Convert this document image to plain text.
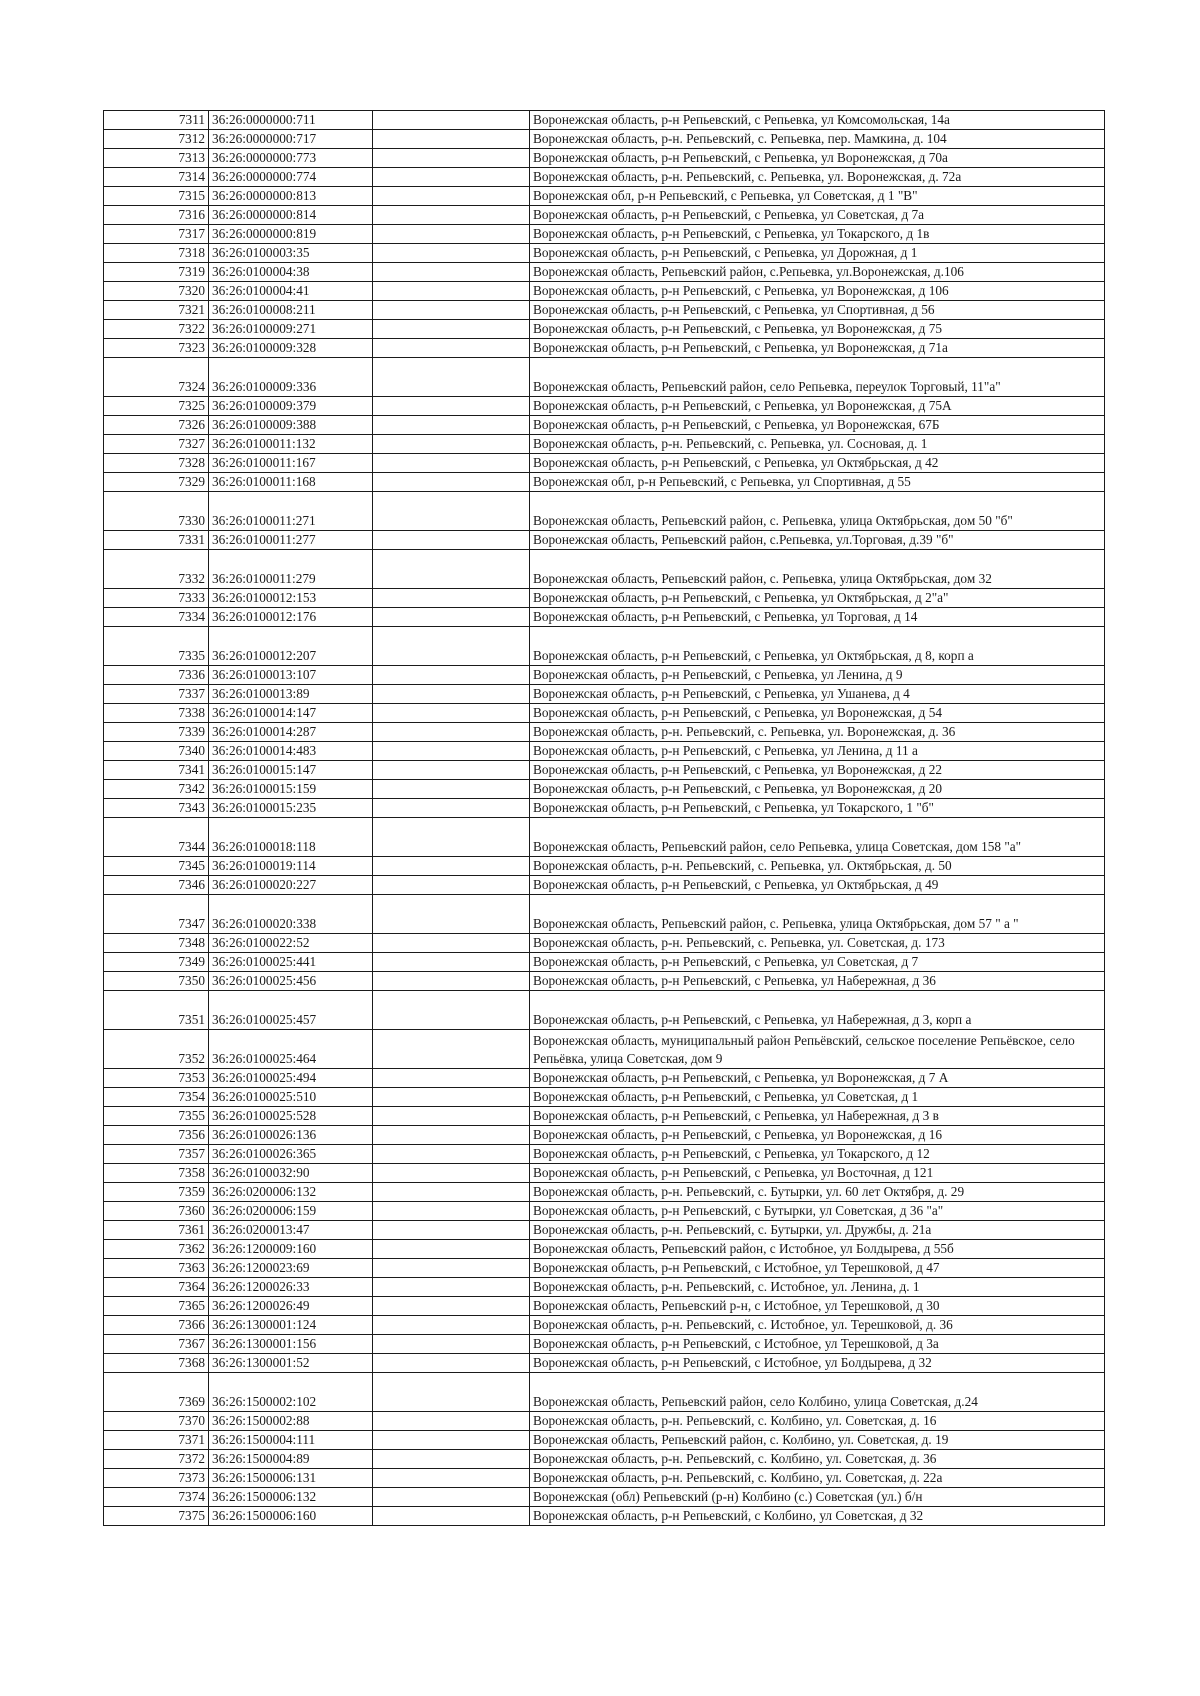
7311	36:26:0000000:711		Воронежская область, р-н Репьевский, с Репьевка, ул Комсомольская, 14а
7312	36:26:0000000:717		Воронежская область, р-н. Репьевский, с. Репьевка, пер. Мамкина, д. 104
7313	36:26:0000000:773		Воронежская область, р-н Репьевский, с Репьевка, ул Воронежская, д 70а
7314	36:26:0000000:774		Воронежская область, р-н. Репьевский, с. Репьевка, ул. Воронежская, д. 72а
7315	36:26:0000000:813		Воронежская обл, р-н Репьевский, с Репьевка, ул Советская, д 1 "В"
7316	36:26:0000000:814		Воронежская область, р-н Репьевский, с Репьевка, ул Советская, д 7а
7317	36:26:0000000:819		Воронежская область, р-н Репьевский, с Репьевка, ул Токарского, д 1в
7318	36:26:0100003:35		Воронежская область, р-н Репьевский, с Репьевка, ул Дорожная, д 1
7319	36:26:0100004:38		Воронежская область, Репьевский район, с.Репьевка, ул.Воронежская, д.106
7320	36:26:0100004:41		Воронежская область, р-н Репьевский, с Репьевка, ул Воронежская, д 106
7321	36:26:0100008:211		Воронежская область, р-н Репьевский, с Репьевка, ул Спортивная, д 56
7322	36:26:0100009:271		Воронежская область, р-н Репьевский, с Репьевка, ул Воронежская, д 75
7323	36:26:0100009:328		Воронежская область, р-н Репьевский, с Репьевка, ул Воронежская, д 71а
7324	36:26:0100009:336		Воронежская область, Репьевский район, село Репьевка, переулок Торговый, 11"а"
7325	36:26:0100009:379		Воронежская область, р-н Репьевский, с Репьевка, ул Воронежская, д 75А
7326	36:26:0100009:388		Воронежская область, р-н Репьевский, с Репьевка, ул Воронежская, 67Б
7327	36:26:0100011:132		Воронежская область, р-н. Репьевский, с. Репьевка, ул. Сосновая, д. 1
7328	36:26:0100011:167		Воронежская область, р-н Репьевский, с Репьевка, ул Октябрьская, д 42
7329	36:26:0100011:168		Воронежская обл, р-н Репьевский, с Репьевка, ул Спортивная, д 55
7330	36:26:0100011:271		Воронежская область, Репьевский район, с. Репьевка, улица Октябрьская, дом 50 "б"
7331	36:26:0100011:277		Воронежская область, Репьевский район, с.Репьевка, ул.Торговая, д.39 "б"
7332	36:26:0100011:279		Воронежская область, Репьевский район, с. Репьевка, улица Октябрьская, дом 32
7333	36:26:0100012:153		Воронежская область, р-н Репьевский, с Репьевка, ул Октябрьская, д 2"а"
7334	36:26:0100012:176		Воронежская область, р-н Репьевский, с Репьевка, ул Торговая, д 14
7335	36:26:0100012:207		Воронежская область, р-н Репьевский, с Репьевка, ул Октябрьская, д 8, корп а
7336	36:26:0100013:107		Воронежская область, р-н Репьевский, с Репьевка, ул Ленина, д 9
7337	36:26:0100013:89		Воронежская область, р-н Репьевский, с Репьевка, ул Ушанева, д 4
7338	36:26:0100014:147		Воронежская область, р-н Репьевский, с Репьевка, ул Воронежская, д 54
7339	36:26:0100014:287		Воронежская область, р-н. Репьевский, с. Репьевка, ул. Воронежская, д. 36
7340	36:26:0100014:483		Воронежская область, р-н Репьевский, с Репьевка, ул Ленина, д 11 а
7341	36:26:0100015:147		Воронежская область, р-н Репьевский, с Репьевка, ул Воронежская, д 22
7342	36:26:0100015:159		Воронежская область, р-н Репьевский, с Репьевка, ул Воронежская, д 20
7343	36:26:0100015:235		Воронежская область, р-н Репьевский, с Репьевка, ул Токарского, 1 "б"
7344	36:26:0100018:118		Воронежская область, Репьевский район, село Репьевка, улица Советская, дом 158 "а"
7345	36:26:0100019:114		Воронежская область, р-н. Репьевский, с. Репьевка, ул. Октябрьская, д. 50
7346	36:26:0100020:227		Воронежская область, р-н Репьевский, с Репьевка, ул Октябрьская, д 49
7347	36:26:0100020:338		Воронежская область, Репьевский район, с. Репьевка, улица Октябрьская, дом 57 " а "
7348	36:26:0100022:52		Воронежская область, р-н. Репьевский, с. Репьевка, ул. Советская, д. 173
7349	36:26:0100025:441		Воронежская область, р-н Репьевский, с Репьевка, ул Советская, д 7
7350	36:26:0100025:456		Воронежская область, р-н Репьевский, с Репьевка, ул Набережная, д 36
7351	36:26:0100025:457		Воронежская область, р-н Репьевский, с Репьевка, ул Набережная, д 3, корп а
7352	36:26:0100025:464		Воронежская область, муниципальный район Репьёвский, сельское поселение Репьёвское, село Репьёвка, улица Советская, дом 9
7353	36:26:0100025:494		Воронежская область, р-н Репьевский, с Репьевка, ул Воронежская, д 7 А
7354	36:26:0100025:510		Воронежская область, р-н Репьевский, с Репьевка, ул Советская, д 1
7355	36:26:0100025:528		Воронежская область, р-н Репьевский, с Репьевка, ул Набережная, д 3 в
7356	36:26:0100026:136		Воронежская область, р-н Репьевский, с Репьевка, ул Воронежская, д 16
7357	36:26:0100026:365		Воронежская область, р-н Репьевский, с Репьевка, ул Токарского, д 12
7358	36:26:0100032:90		Воронежская область, р-н Репьевский, с Репьевка, ул Восточная, д 121
7359	36:26:0200006:132		Воронежская область, р-н. Репьевский, с. Бутырки, ул. 60 лет Октября, д. 29
7360	36:26:0200006:159		Воронежская область, р-н Репьевский, с Бутырки, ул Советская, д 36 "а"
7361	36:26:0200013:47		Воронежская область, р-н. Репьевский, с. Бутырки, ул. Дружбы, д. 21а
7362	36:26:1200009:160		Воронежская область, Репьевский район, с Истобное, ул Болдырева, д 55б
7363	36:26:1200023:69		Воронежская область, р-н Репьевский, с Истобное, ул Терешковой, д 47
7364	36:26:1200026:33		Воронежская область, р-н. Репьевский, с. Истобное, ул. Ленина, д. 1
7365	36:26:1200026:49		Воронежская область, Репьевский р-н, с Истобное, ул Терешковой, д 30
7366	36:26:1300001:124		Воронежская область, р-н. Репьевский, с. Истобное, ул. Терешковой, д. 36
7367	36:26:1300001:156		Воронежская область, р-н Репьевский, с Истобное, ул Терешковой, д 3а
7368	36:26:1300001:52		Воронежская область, р-н Репьевский, с Истобное, ул Болдырева, д 32
7369	36:26:1500002:102		Воронежская область, Репьевский район, село Колбино, улица Советская, д.24
7370	36:26:1500002:88		Воронежская область, р-н. Репьевский, с. Колбино, ул. Советская, д. 16
7371	36:26:1500004:111		Воронежская область, Репьевский район, с. Колбино, ул. Советская, д. 19
7372	36:26:1500004:89		Воронежская область, р-н. Репьевский, с. Колбино, ул. Советская, д. 36
7373	36:26:1500006:131		Воронежская область, р-н. Репьевский, с. Колбино, ул. Советская, д. 22а
7374	36:26:1500006:132		Воронежская (обл) Репьевский (р-н) Колбино (с.) Советская (ул.) б/н
7375	36:26:1500006:160		Воронежская область, р-н Репьевский, с Колбино, ул Советская, д 32
